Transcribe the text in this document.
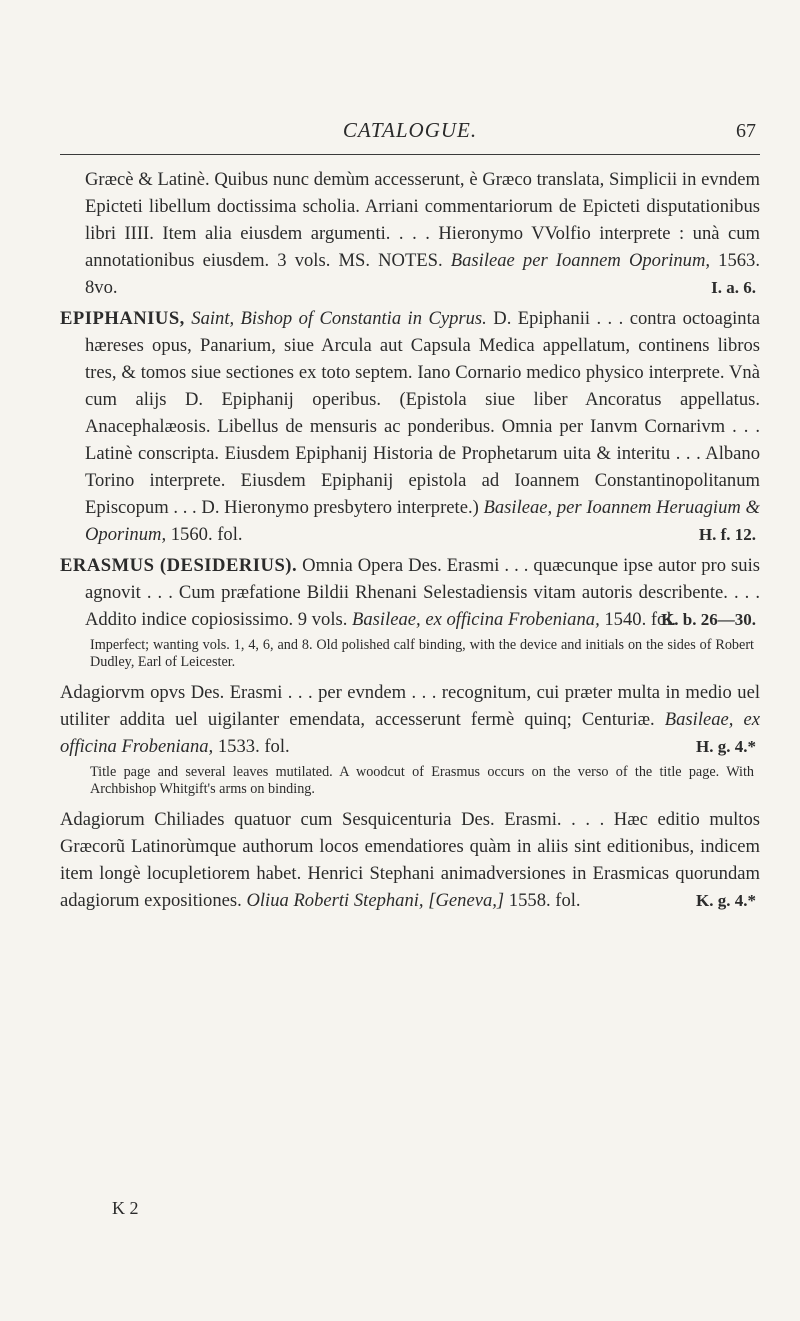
CATALOGUE.	67

Græcè & Latinè. Quibus nunc demùm accesserunt, è Græco translata, Simplicii in evndem Epicteti libellum doctissima scholia. Arriani commentariorum de Epicteti disputationibus libri IIII. Item alia eiusdem argumenti. . . . Hieronymo VVolfio interprete : unà cum annotationibus eiusdem. 3 vols. MS. NOTES. Basileae per Ioannem Oporinum, 1563. 8vo.	I. a. 6.

EPIPHANIUS, Saint, Bishop of Constantia in Cyprus. D. Epiphanii . . . contra octoaginta hæreses opus, Panarium, siue Arcula aut Capsula Medica appellatum, continens libros tres, & tomos siue sectiones ex toto septem. Iano Cornario medico physico interprete. Vnà cum alijs D. Epiphanij operibus. (Epistola siue liber Ancoratus appellatus. Anacephalæosis. Libellus de mensuris ac ponderibus. Omnia per Ianvm Cornarivm . . . Latinè conscripta. Eiusdem Epiphanij Historia de Prophetarum uita & interitu . . . Albano Torino interprete. Eiusdem Epiphanij epistola ad Ioannem Constantinopolitanum Episcopum . . . D. Hieronymo presbytero interprete.) Basileae, per Ioannem Heruagium & Oporinum, 1560. fol.	H. f. 12.

ERASMUS (DESIDERIUS). Omnia Opera Des. Erasmi . . . quæcunque ipse autor pro suis agnovit . . . Cum præfatione Bildii Rhenani Selestadiensis vitam autoris describente. . . . Addito indice copiosissimo. 9 vols. Basileae, ex officina Frobeniana, 1540. fol.
K. b. 26—30.

Imperfect; wanting vols. 1, 4, 6, and 8. Old polished calf binding, with the device and initials on the sides of Robert Dudley, Earl of Leicester.

Adagiorvm opvs Des. Erasmi . . . per evndem . . . recognitum, cui præter multa in medio uel utiliter addita uel uigilanter emendata, accesserunt fermè quinq; Centuriæ. Basileae, ex officina Frobeniana, 1533. fol.	H. g. 4.*

Title page and several leaves mutilated. A woodcut of Erasmus occurs on the verso of the title page. With Archbishop Whitgift's arms on binding.

Adagiorum Chiliades quatuor cum Sesquicenturia Des. Erasmi. . . . Hæc editio multos Græcorũ Latinorùmque authorum locos emendatiores quàm in aliis sint editionibus, indicem item longè locupletiorem habet. Henrici Stephani animadversiones in Erasmicas quorundam adagiorum expositiones. Oliua Roberti Stephani, [Geneva,] 1558. fol.	K. g. 4.*

K 2
